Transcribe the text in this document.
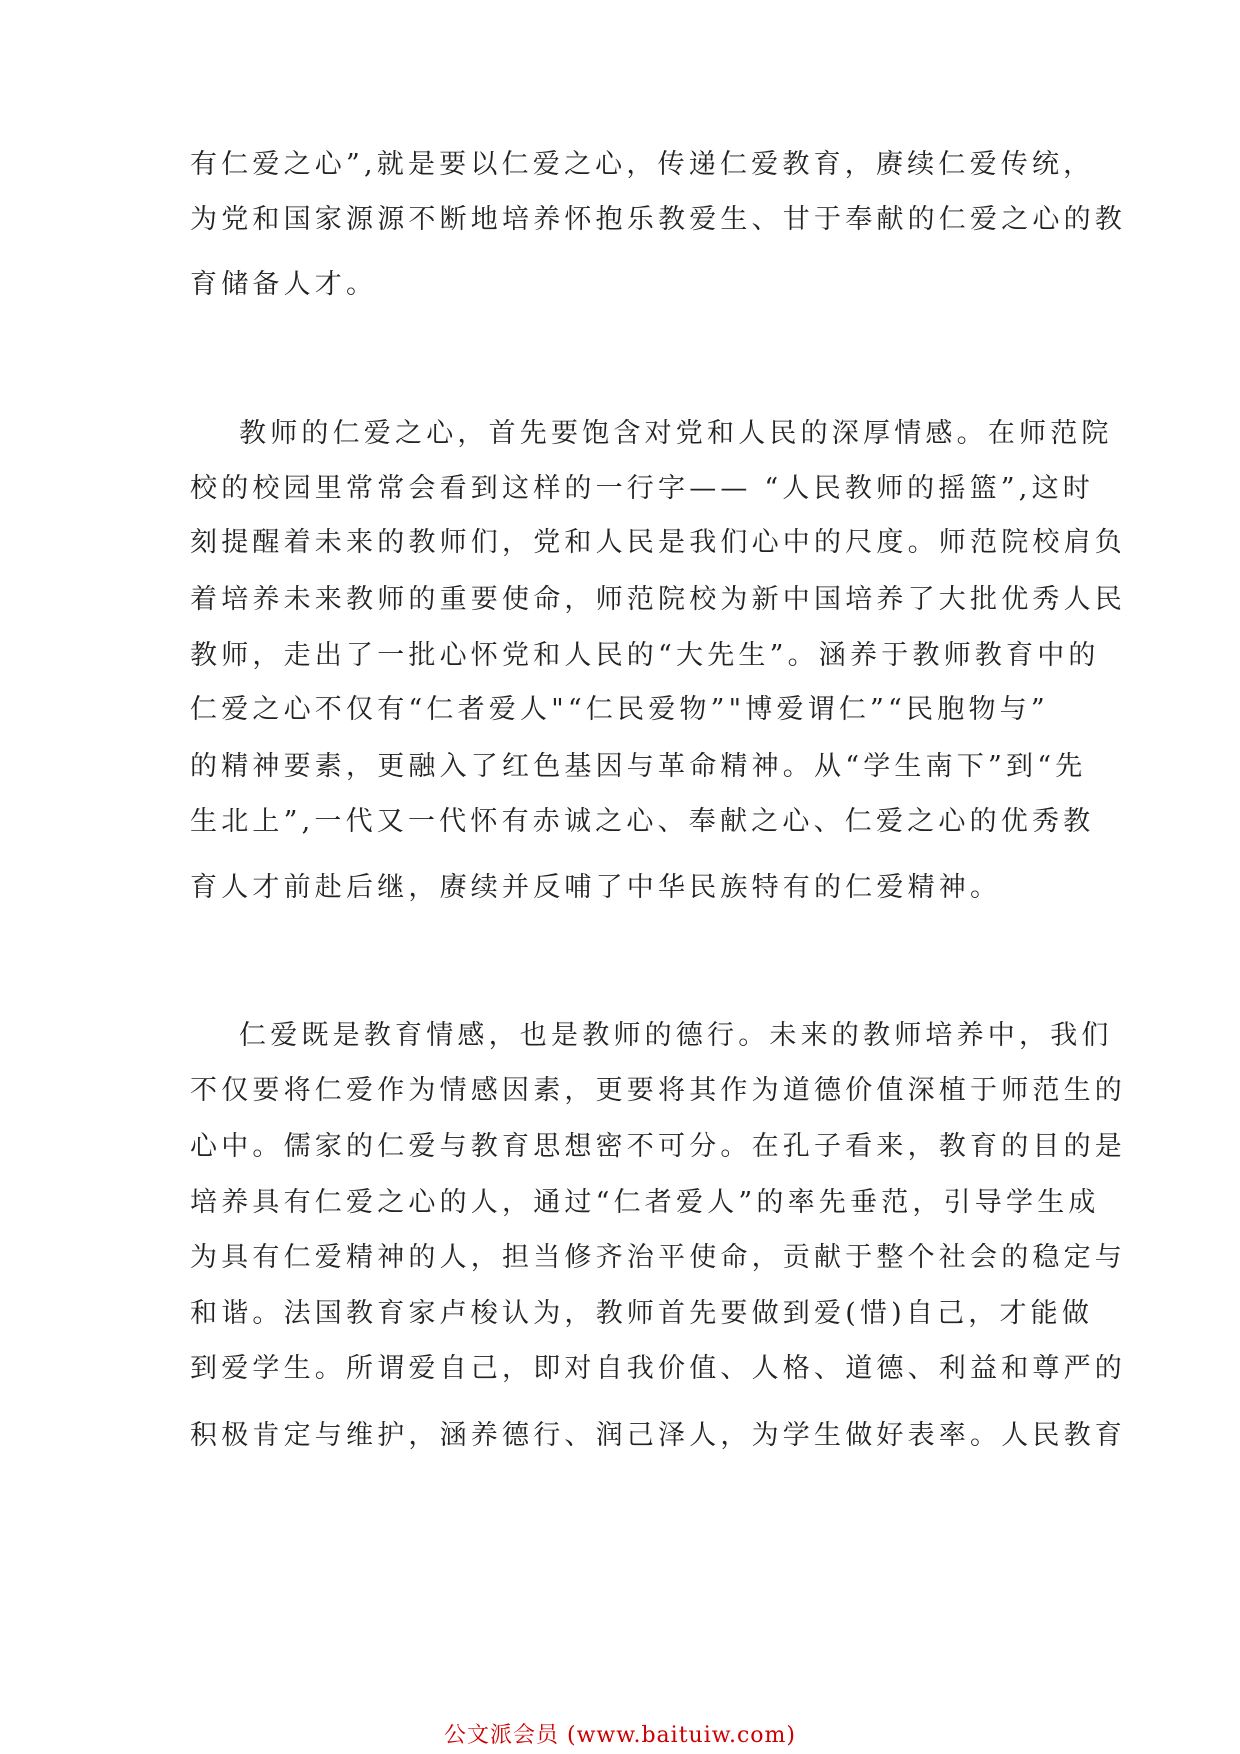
有仁爱之心”,就是要以仁爱之心，传递仁爱教育，赓续仁爱传统，
为党和国家源源不断地培养怀抱乐教爱生、甘于奉献的仁爱之心的教
育储备人才。
教师的仁爱之心，首先要饱含对党和人民的深厚情感。在师范院
校的校园里常常会看到这样的一行字—— “人民教师的摇篮”,这时
刻提醒着未来的教师们，党和人民是我们心中的尺度。师范院校肩负
着培养未来教师的重要使命，师范院校为新中国培养了大批优秀人民
教师，走出了一批心怀党和人民的“大先生”。涵养于教师教育中的
仁爱之心不仅有“仁者爱人"“仁民爱物”"博爱谓仁”“民胞物与”
的精神要素，更融入了红色基因与革命精神。从“学生南下”到“先
生北上”,一代又一代怀有赤诚之心、奉献之心、仁爱之心的优秀教
育人才前赴后继，赓续并反哺了中华民族特有的仁爱精神。
仁爱既是教育情感，也是教师的德行。未来的教师培养中，我们
不仅要将仁爱作为情感因素，更要将其作为道德价值深植于师范生的
心中。儒家的仁爱与教育思想密不可分。在孔子看来，教育的目的是
培养具有仁爱之心的人，通过“仁者爱人”的率先垂范，引导学生成
为具有仁爱精神的人，担当修齐治平使命，贡献于整个社会的稳定与
和谐。法国教育家卢梭认为，教师首先要做到爱(惜)自己，才能做
到爱学生。所谓爱自己，即对自我价值、人格、道德、利益和尊严的
积极肯定与维护，涵养德行、润己泽人，为学生做好表率。人民教育
公文派会员 (www.baituiw.com)
